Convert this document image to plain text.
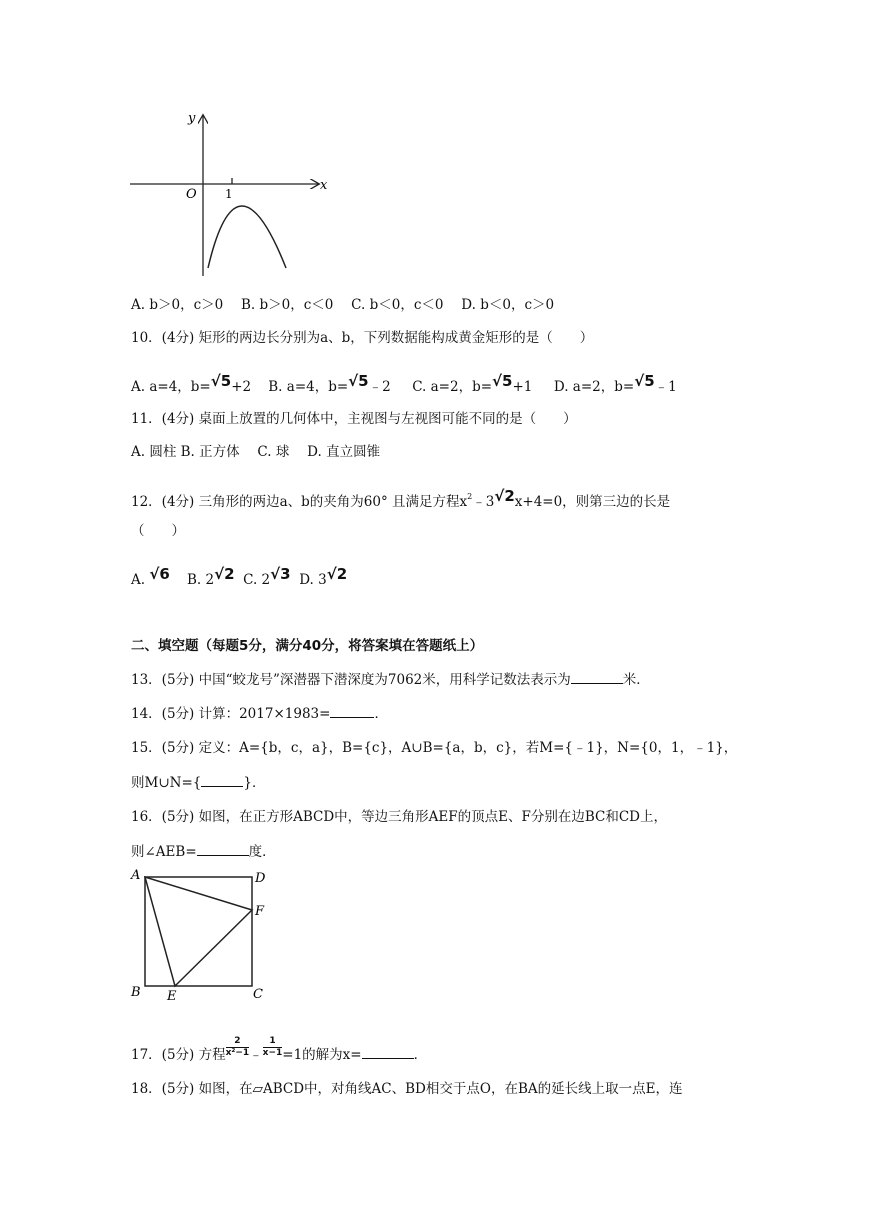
y
x
O 1
A. b＞0，c＞0　 B. b＞0，c＜0　 C. b＜0，c＜0　 D. b＜0，c＞0
10．(4分) 矩形的两边长分别为a、b，下列数据能构成黄金矩形的是（　　）
A. a=4，b=√5+2 B. a=4，b=√5﹣2 C. a=2，b=√5+1 D. a=2，b=√5﹣1
11．(4分) 桌面上放置的几何体中，主视图与左视图可能不同的是（　　）
A. 圆柱 B. 正方体　 C. 球　 D. 直立圆锥
12．(4分) 三角形的两边a、b的夹角为60° 且满足方程$x^2﹣3√2x+4=0$，则第三边的长是
（　　）
A. √6 B. 2√2 C. 2√3 D. 3√2
二、填空题（每题5分，满分40分，将答案填在答题纸上）
13．(5分) 中国“蛟龙号”深潜器下潜深度为7062米，用科学记数法表示为	米．
14．(5分) 计算：2017×1983=	．
15．(5分) 定义：A={b，c，a}，B={c}，A∪B={a，b，c}，若M={﹣1}，N={0，1，﹣1}，
则M∪N={	}．
16．(5分) 如图，在正方形ABCD中，等边三角形AEF的顶点E、F分别在边BC和CD上，
则∠AEB=	度．
A	D
F
B E	C
17．(5分) 方程 $\frac{2}{\text{x²−1}}$ ﹣ $\frac{1}{x-1} =1$的解为x=	．
18．(5分) 如图，在▱ABCD中，对角线AC、BD相交于点O，在BA的延长线上取一点E，连
